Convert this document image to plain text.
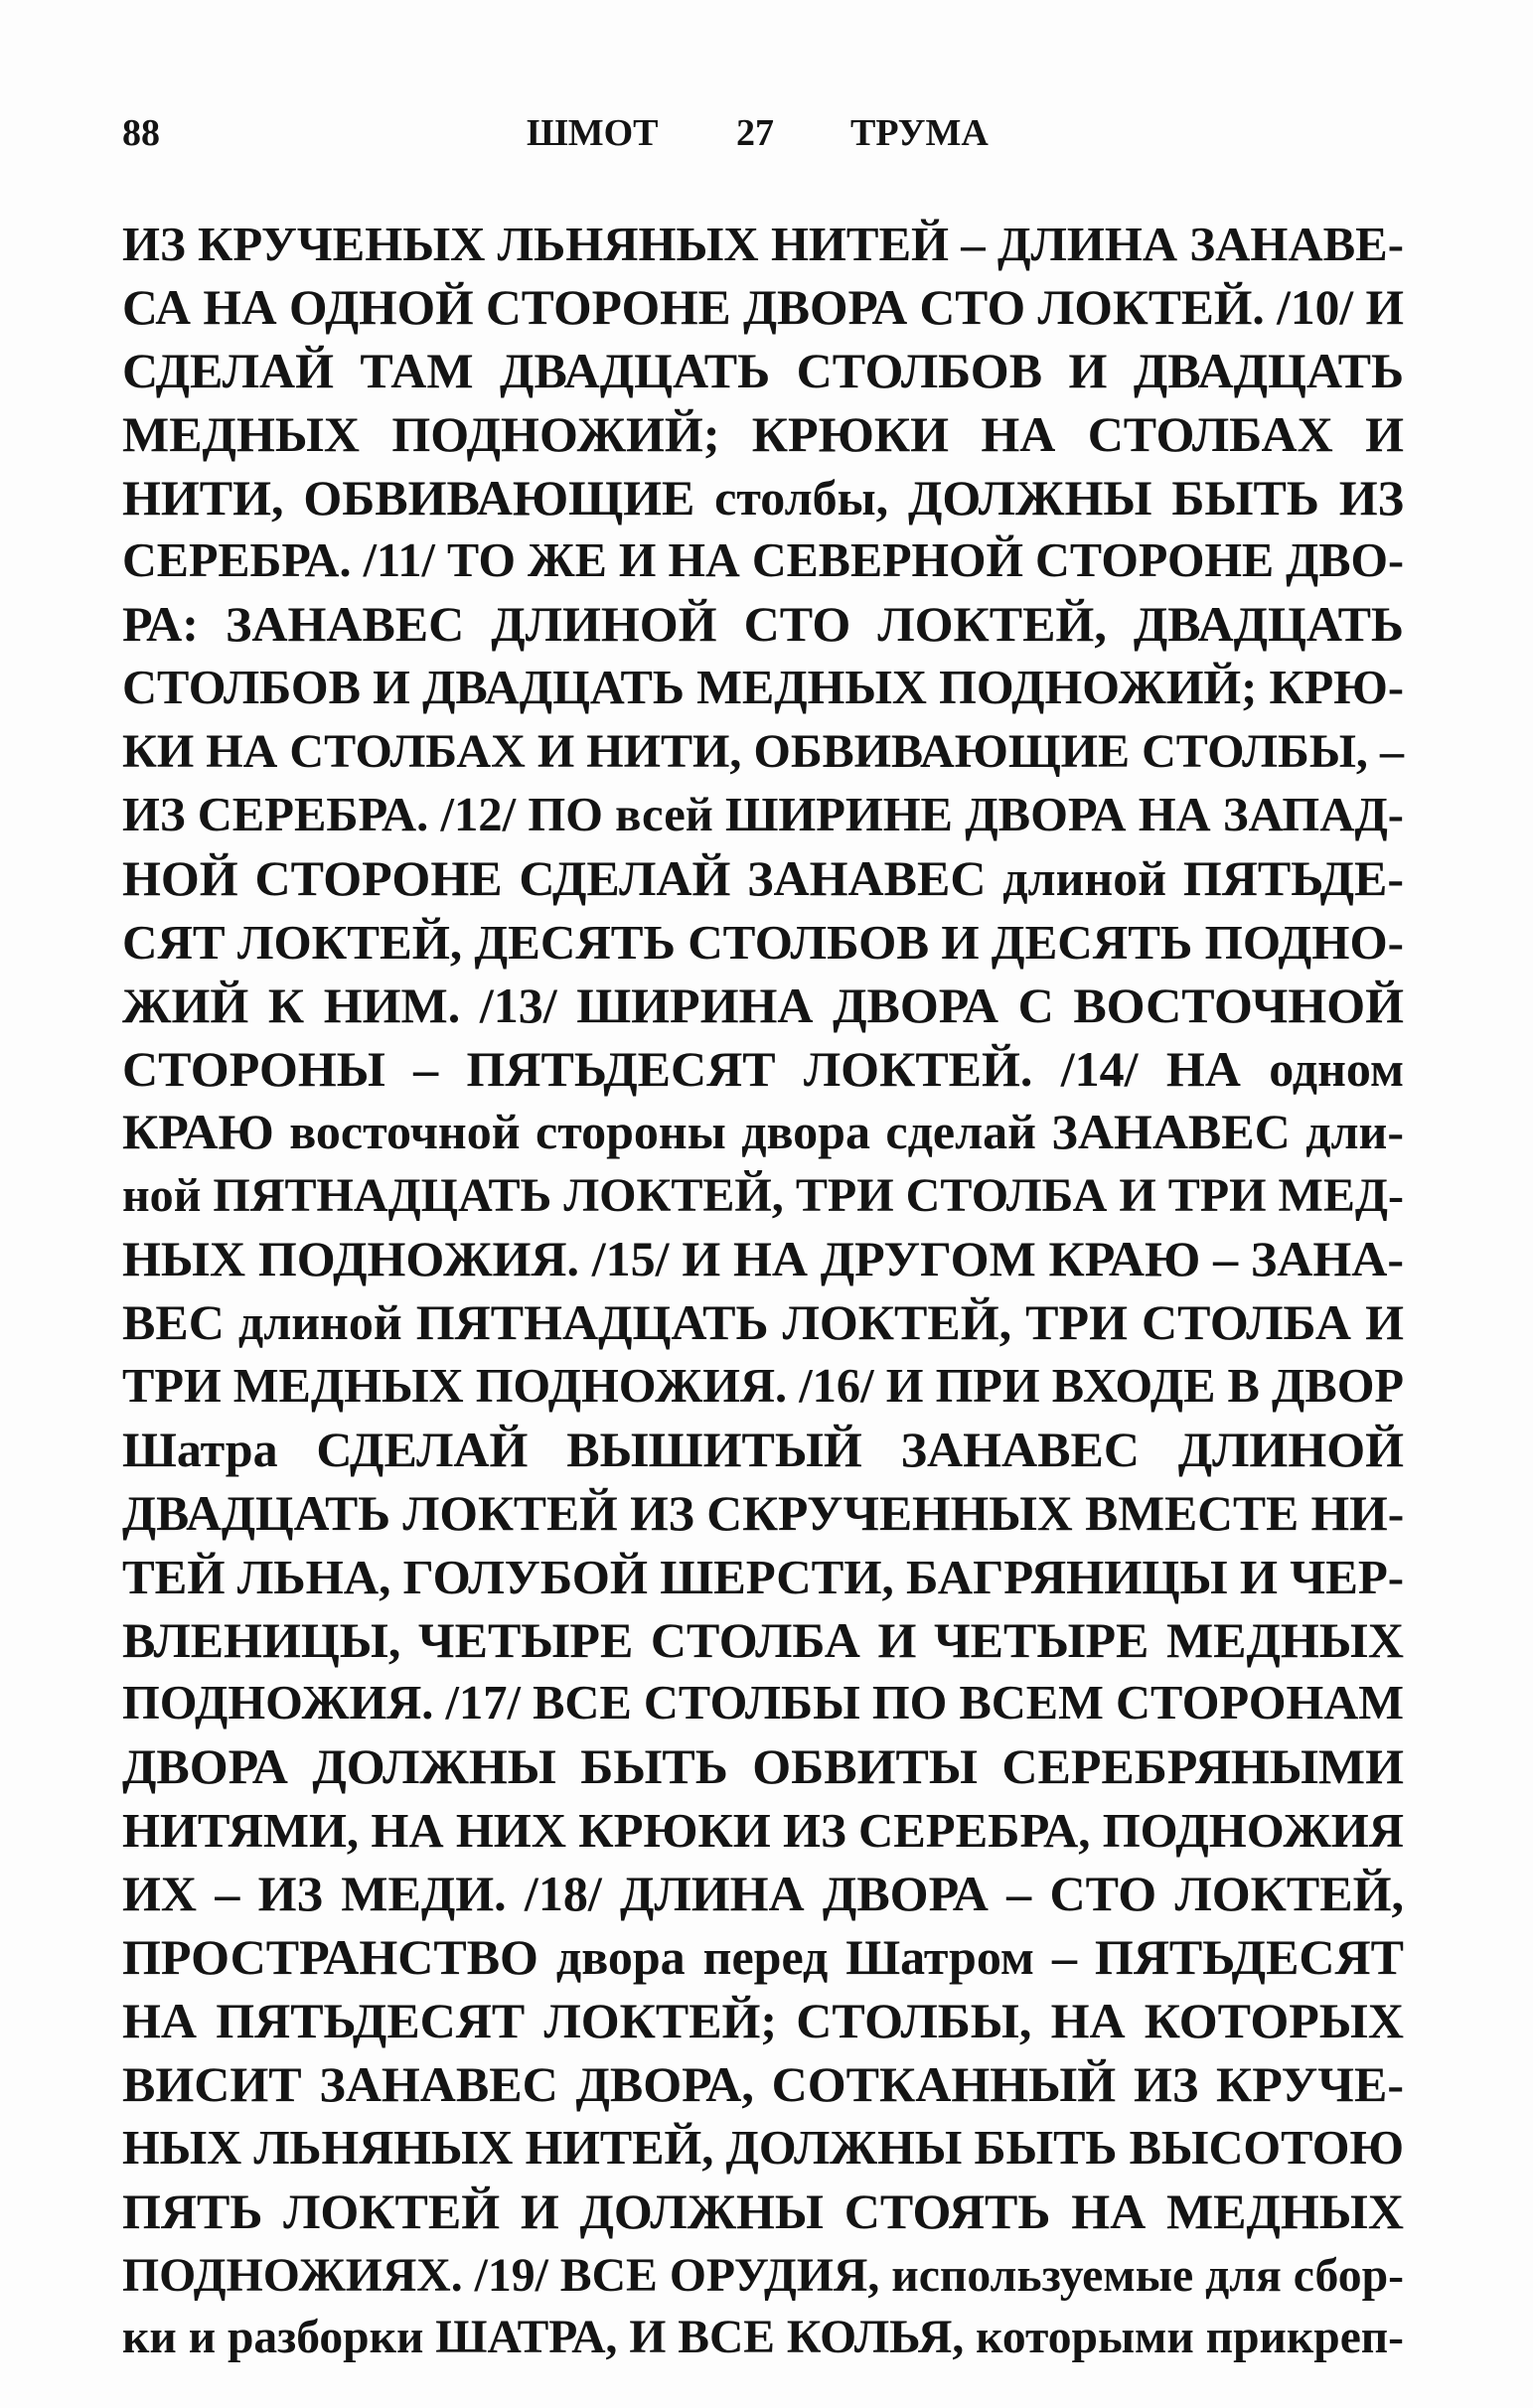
88	ШМОТ 27 ТРУМА
ИЗ КРУЧЕНЫХ ЛЬНЯНЫХ НИТЕЙ – ДЛИНА ЗАНАВЕ-
СА НА ОДНОЙ СТОРОНЕ ДВОРА СТО ЛОКТЕЙ. /10/ И
СДЕЛАЙ ТАМ ДВАДЦАТЬ СТОЛБОВ И ДВАДЦАТЬ
МЕДНЫХ ПОДНОЖИЙ; КРЮКИ НА СТОЛБАХ И
НИТИ, ОБВИВАЮЩИЕ столбы, ДОЛЖНЫ БЫТЬ ИЗ
СЕРЕБРА. /11/ ТО ЖЕ И НА СЕВЕРНОЙ СТОРОНЕ ДВО-
РА: ЗАНАВЕС ДЛИНОЙ СТО ЛОКТЕЙ, ДВАДЦАТЬ
СТОЛБОВ И ДВАДЦАТЬ МЕДНЫХ ПОДНОЖИЙ; КРЮ-
КИ НА СТОЛБАХ И НИТИ, ОБВИВАЮЩИЕ СТОЛБЫ, –
ИЗ СЕРЕБРА. /12/ ПО всей ШИРИНЕ ДВОРА НА ЗАПАД-
НОЙ СТОРОНЕ СДЕЛАЙ ЗАНАВЕС длиной ПЯТЬДЕ-
СЯТ ЛОКТЕЙ, ДЕСЯТЬ СТОЛБОВ И ДЕСЯТЬ ПОДНО-
ЖИЙ К НИМ. /13/ ШИРИНА ДВОРА С ВОСТОЧНОЙ
СТОРОНЫ – ПЯТЬДЕСЯТ ЛОКТЕЙ. /14/ НА одном
КРАЮ восточной стороны двора сделай ЗАНАВЕС дли-
ной ПЯТНАДЦАТЬ ЛОКТЕЙ, ТРИ СТОЛБА И ТРИ МЕД-
НЫХ ПОДНОЖИЯ. /15/ И НА ДРУГОМ КРАЮ – ЗАНА-
ВЕС длиной ПЯТНАДЦАТЬ ЛОКТЕЙ, ТРИ СТОЛБА И
ТРИ МЕДНЫХ ПОДНОЖИЯ. /16/ И ПРИ ВХОДЕ В ДВОР
Шатра СДЕЛАЙ ВЫШИТЫЙ ЗАНАВЕС ДЛИНОЙ
ДВАДЦАТЬ ЛОКТЕЙ ИЗ СКРУЧЕННЫХ ВМЕСТЕ НИ-
ТЕЙ ЛЬНА, ГОЛУБОЙ ШЕРСТИ, БАГРЯНИЦЫ И ЧЕР-
ВЛЕНИЦЫ, ЧЕТЫРЕ СТОЛБА И ЧЕТЫРЕ МЕДНЫХ
ПОДНОЖИЯ. /17/ ВСЕ СТОЛБЫ ПО ВСЕМ СТОРОНАМ
ДВОРА ДОЛЖНЫ БЫТЬ ОБВИТЫ СЕРЕБРЯНЫМИ
НИТЯМИ, НА НИХ КРЮКИ ИЗ СЕРЕБРА, ПОДНОЖИЯ
ИХ – ИЗ МЕДИ. /18/ ДЛИНА ДВОРА – СТО ЛОКТЕЙ,
ПРОСТРАНСТВО двора перед Шатром – ПЯТЬДЕСЯТ
НА ПЯТЬДЕСЯТ ЛОКТЕЙ; СТОЛБЫ, НА КОТОРЫХ
ВИСИТ ЗАНАВЕС ДВОРА, СОТКАННЫЙ ИЗ КРУЧЕ-
НЫХ ЛЬНЯНЫХ НИТЕЙ, ДОЛЖНЫ БЫТЬ ВЫСОТОЮ
ПЯТЬ ЛОКТЕЙ И ДОЛЖНЫ СТОЯТЬ НА МЕДНЫХ
ПОДНОЖИЯХ. /19/ ВСЕ ОРУДИЯ, используемые для сбор-
ки и разборки ШАТРА, И ВСЕ КОЛЬЯ, которыми прикреп-
